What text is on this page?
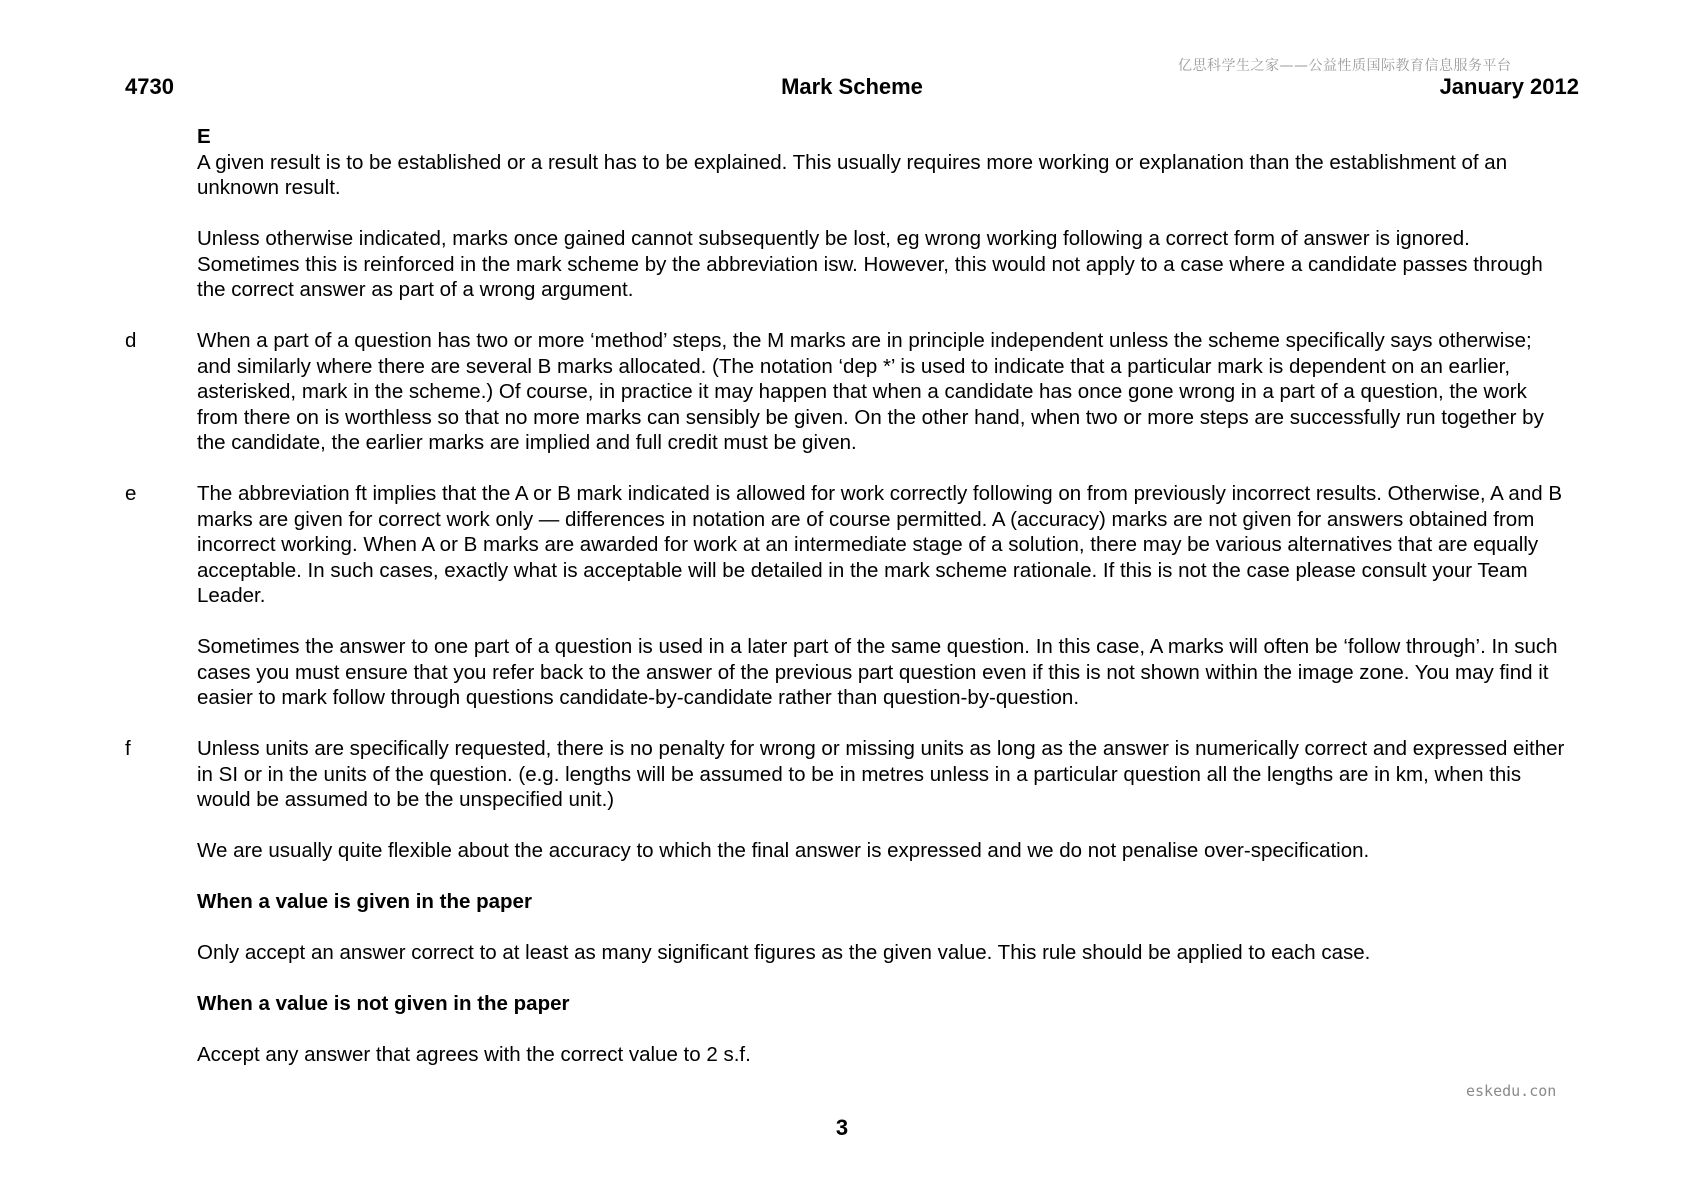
亿思科学生之家——公益性质国际教育信息服务平台
4730	Mark Scheme	January 2012

E

A given result is to be established or a result has to be explained. This usually requires more working or explanation than the establishment of an unknown result.

Unless otherwise indicated, marks once gained cannot subsequently be lost, eg wrong working following a correct form of answer is ignored. Sometimes this is reinforced in the mark scheme by the abbreviation isw. However, this would not apply to a case where a candidate passes through the correct answer as part of a wrong argument.

d	When a part of a question has two or more ‘method’ steps, the M marks are in principle independent unless the scheme specifically says otherwise; and similarly where there are several B marks allocated. (The notation ‘dep *’ is used to indicate that a particular mark is dependent on an earlier, asterisked, mark in the scheme.) Of course, in practice it may happen that when a candidate has once gone wrong in a part of a question, the work from there on is worthless so that no more marks can sensibly be given. On the other hand, when two or more steps are successfully run together by the candidate, the earlier marks are implied and full credit must be given.

e	The abbreviation ft implies that the A or B mark indicated is allowed for work correctly following on from previously incorrect results. Otherwise, A and B marks are given for correct work only — differences in notation are of course permitted. A (accuracy) marks are not given for answers obtained from incorrect working. When A or B marks are awarded for work at an intermediate stage of a solution, there may be various alternatives that are equally acceptable. In such cases, exactly what is acceptable will be detailed in the mark scheme rationale. If this is not the case please consult your Team Leader.

Sometimes the answer to one part of a question is used in a later part of the same question. In this case, A marks will often be ‘follow through’. In such cases you must ensure that you refer back to the answer of the previous part question even if this is not shown within the image zone. You may find it easier to mark follow through questions candidate-by-candidate rather than question-by-question.

f	Unless units are specifically requested, there is no penalty for wrong or missing units as long as the answer is numerically correct and expressed either in SI or in the units of the question. (e.g. lengths will be assumed to be in metres unless in a particular question all the lengths are in km, when this would be assumed to be the unspecified unit.)

We are usually quite flexible about the accuracy to which the final answer is expressed and we do not penalise over-specification.

When a value is given in the paper

Only accept an answer correct to at least as many significant figures as the given value. This rule should be applied to each case.

When a value is not given in the paper

Accept any answer that agrees with the correct value to 2 s.f.

eskedu.con
3
